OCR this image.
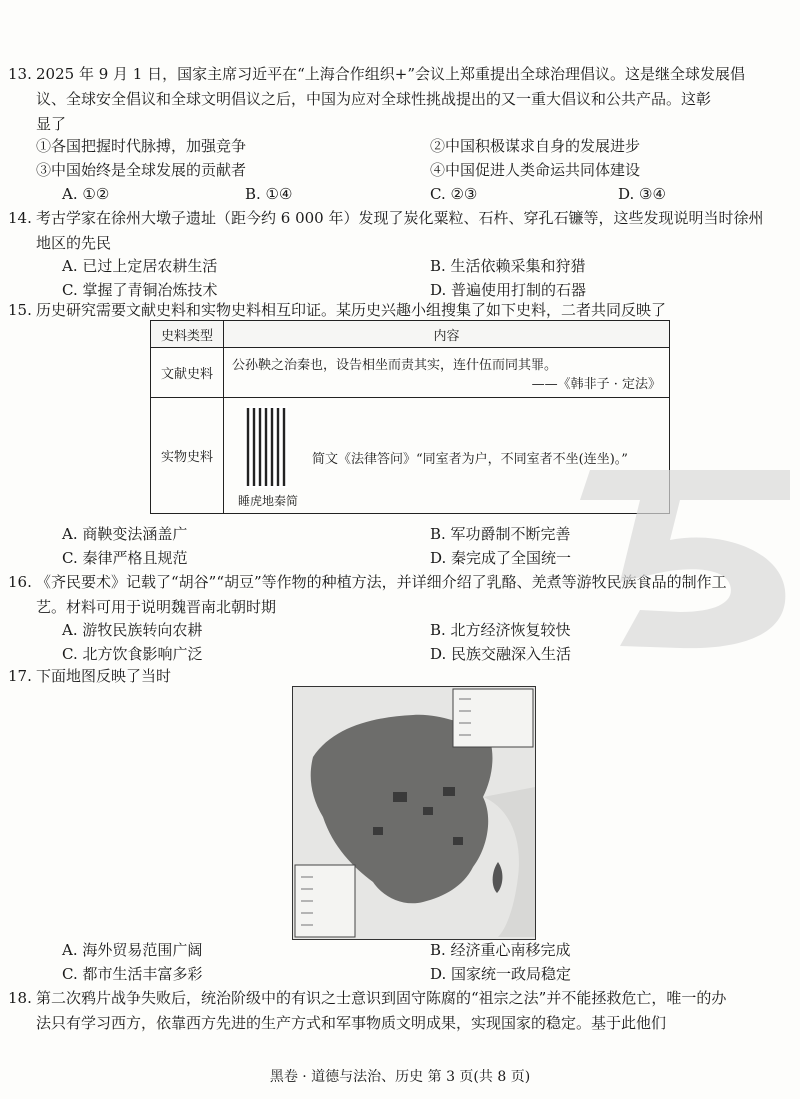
13. 2025 年 9 月 1 日，国家主席习近平在“上海合作组织+”会议上郑重提出全球治理倡议。这是继全球发展倡
议、全球安全倡议和全球文明倡议之后，中国为应对全球性挑战提出的又一重大倡议和公共产品。这彰
显了
①各国把握时代脉搏，加强竞争	②中国积极谋求自身的发展进步
③中国始终是全球发展的贡献者	④中国促进人类命运共同体建设
A. ①②	B. ①④	C. ②③	D. ③④
14. 考古学家在徐州大墩子遗址（距今约 6 000 年）发现了炭化粟粒、石杵、穿孔石镰等，这些发现说明当时徐州
地区的先民
A. 已过上定居农耕生活	B. 生活依赖采集和狩猎
C. 掌握了青铜冶炼技术	D. 普遍使用打制的石器
15. 历史研究需要文献史料和实物史料相互印证。某历史兴趣小组搜集了如下史料，二者共同反映了
史料类型	内容
文献史料	公孙鞅之治秦也，设告相坐而责其实，连什伍而同其罪。
——《韩非子 · 定法》

实物史料	睡虎地秦简
简文《法律答问》“同室者为户，不同室者不坐(连坐)。”
A. 商鞅变法涵盖广	B. 军功爵制不断完善
C. 秦律严格且规范	D. 秦完成了全国统一
16. 《齐民要术》记载了“胡谷”“胡豆”等作物的种植方法，并详细介绍了乳酪、羌煮等游牧民族食品的制作工
艺。材料可用于说明魏晋南北朝时期
A. 游牧民族转向农耕	B. 北方经济恢复较快
C. 北方饮食影响广泛	D. 民族交融深入生活
17. 下面地图反映了当时
A. 海外贸易范围广阔	B. 经济重心南移完成
C. 都市生活丰富多彩	D. 国家统一政局稳定
18. 第二次鸦片战争失败后，统治阶级中的有识之士意识到固守陈腐的“祖宗之法”并不能拯救危亡，唯一的办
法只有学习西方，依靠西方先进的生产方式和军事物质文明成果，实现国家的稳定。基于此他们
黑卷 · 道德与法治、历史 第 3 页(共 8 页)
